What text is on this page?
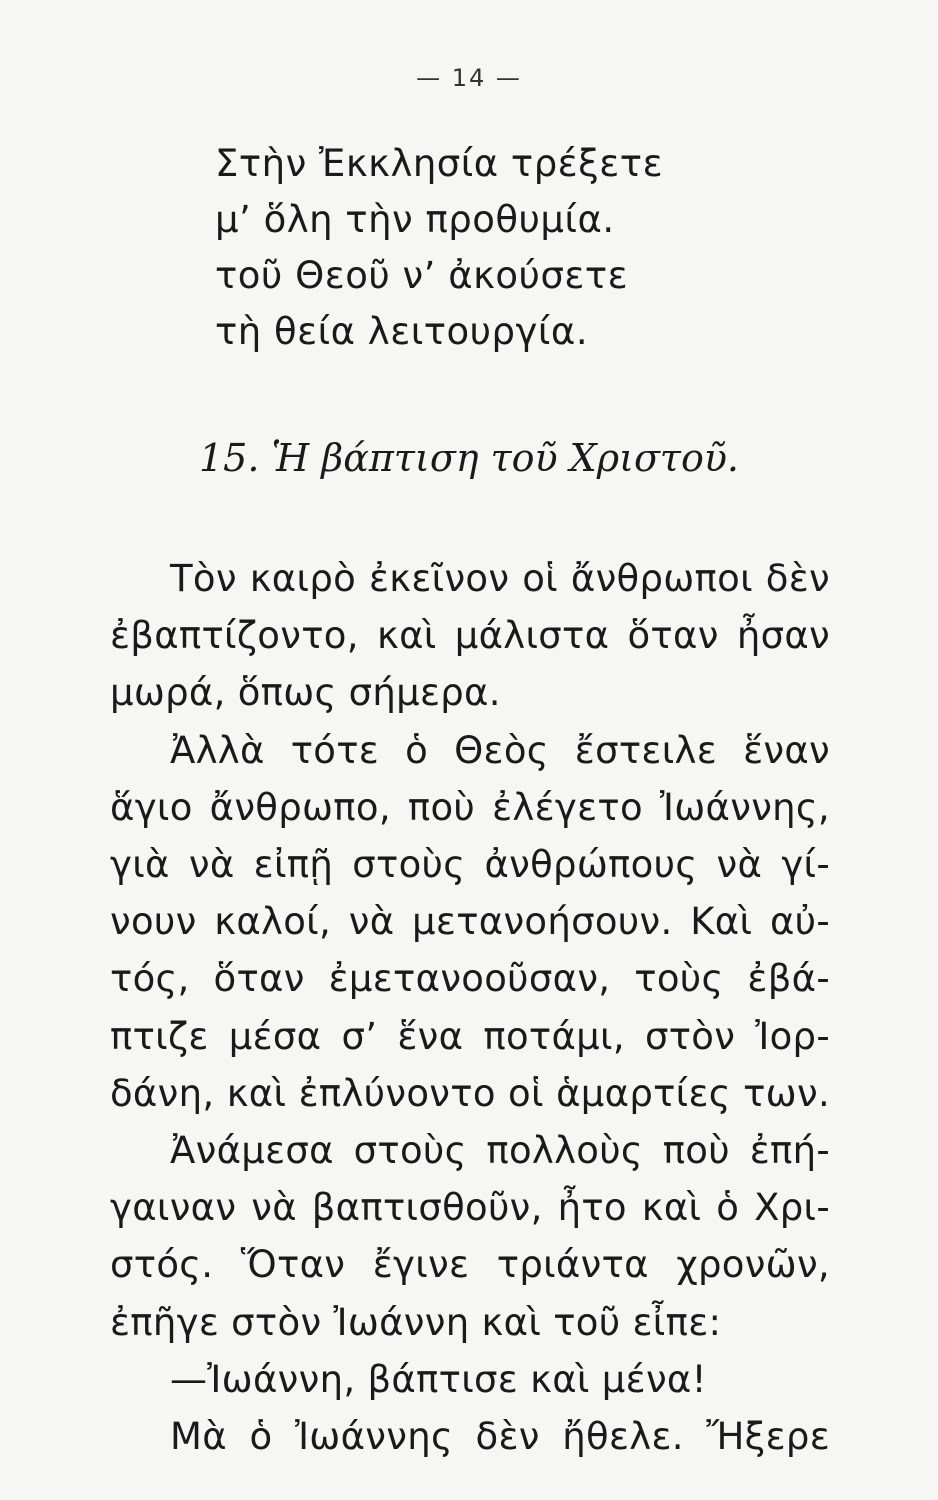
— 14 —
Στὴν Ἐκκλησία τρέξετε
μ’ ὅλη τὴν προθυμία.
τοῦ Θεοῦ ν’ ἀκούσετε
τὴ θεία λειτουργία.
15. Ἡ βάπτιση τοῦ Χριστοῦ.
Τὸν καιρὸ ἐκεῖνον οἱ ἄνθρωποι δὲν
ἐβαπτίζοντο, καὶ μάλιστα ὅταν ἦσαν
μωρά, ὅπως σήμερα.
Ἀλλὰ τότε ὁ Θεὸς ἔστειλε ἕναν
ἅγιο ἄνθρωπο, ποὺ ἐλέγετο Ἰωάννης,
γιὰ νὰ εἰπῇ στοὺς ἀνθρώπους νὰ γί-
νουν καλοί, νὰ μετανοήσουν. Καὶ αὐ-
τός, ὅταν ἐμετανοοῦσαν, τοὺς ἐβά-
πτιζε μέσα σ’ ἕνα ποτάμι, στὸν Ἰορ-
δάνη, καὶ ἐπλύνοντο οἱ ἁμαρτίες των.
Ἀνάμεσα στοὺς πολλοὺς ποὺ ἐπή-
γαιναν νὰ βαπτισθοῦν, ἦτο καὶ ὁ Χρι-
στός. Ὅταν ἔγινε τριάντα χρονῶν,
ἐπῆγε στὸν Ἰωάννη καὶ τοῦ εἶπε:
—Ἰωάννη, βάπτισε καὶ μένα!
Μὰ ὁ Ἰωάννης δὲν ἤθελε. Ἤξερε
